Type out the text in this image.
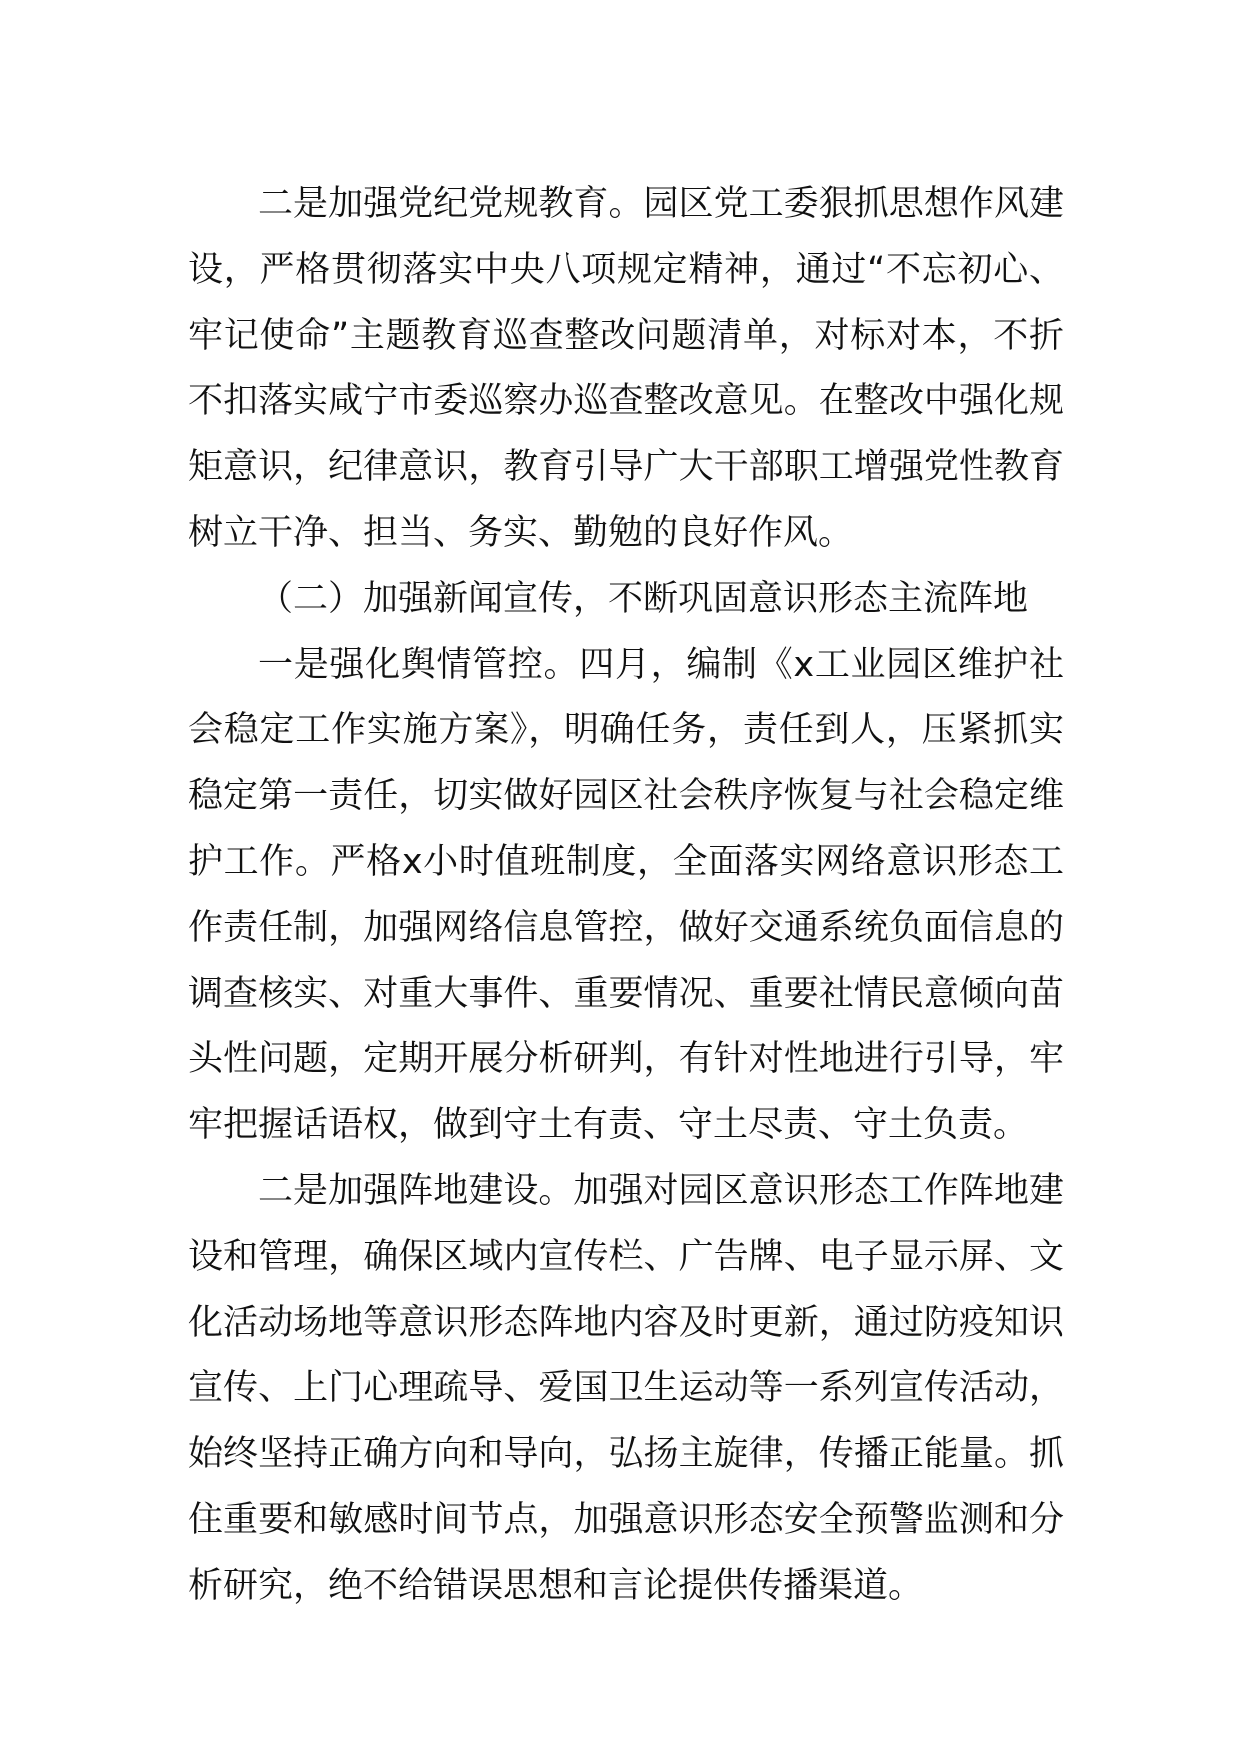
二是加强党纪党规教育。园区党工委狠抓思想作风建设，严格贯彻落实中央八项规定精神，通过“不忘初心、牢记使命”主题教育巡查整改问题清单，对标对本，不折不扣落实咸宁市委巡察办巡查整改意见。在整改中强化规矩意识，纪律意识，教育引导广大干部职工增强党性教育树立干净、担当、务实、勤勉的良好作风。

（二）加强新闻宣传，不断巩固意识形态主流阵地

一是强化舆情管控。四月，编制《x工业园区维护社会稳定工作实施方案》，明确任务，责任到人，压紧抓实稳定第一责任，切实做好园区社会秩序恢复与社会稳定维护工作。严格x小时值班制度，全面落实网络意识形态工作责任制，加强网络信息管控，做好交通系统负面信息的调查核实、对重大事件、重要情况、重要社情民意倾向苗头性问题，定期开展分析研判，有针对性地进行引导，牢牢把握话语权，做到守土有责、守土尽责、守土负责。

二是加强阵地建设。加强对园区意识形态工作阵地建设和管理，确保区域内宣传栏、广告牌、电子显示屏、文化活动场地等意识形态阵地内容及时更新，通过防疫知识宣传、上门心理疏导、爱国卫生运动等一系列宣传活动，始终坚持正确方向和导向，弘扬主旋律，传播正能量。抓住重要和敏感时间节点，加强意识形态安全预警监测和分析研究，绝不给错误思想和言论提供传播渠道。
